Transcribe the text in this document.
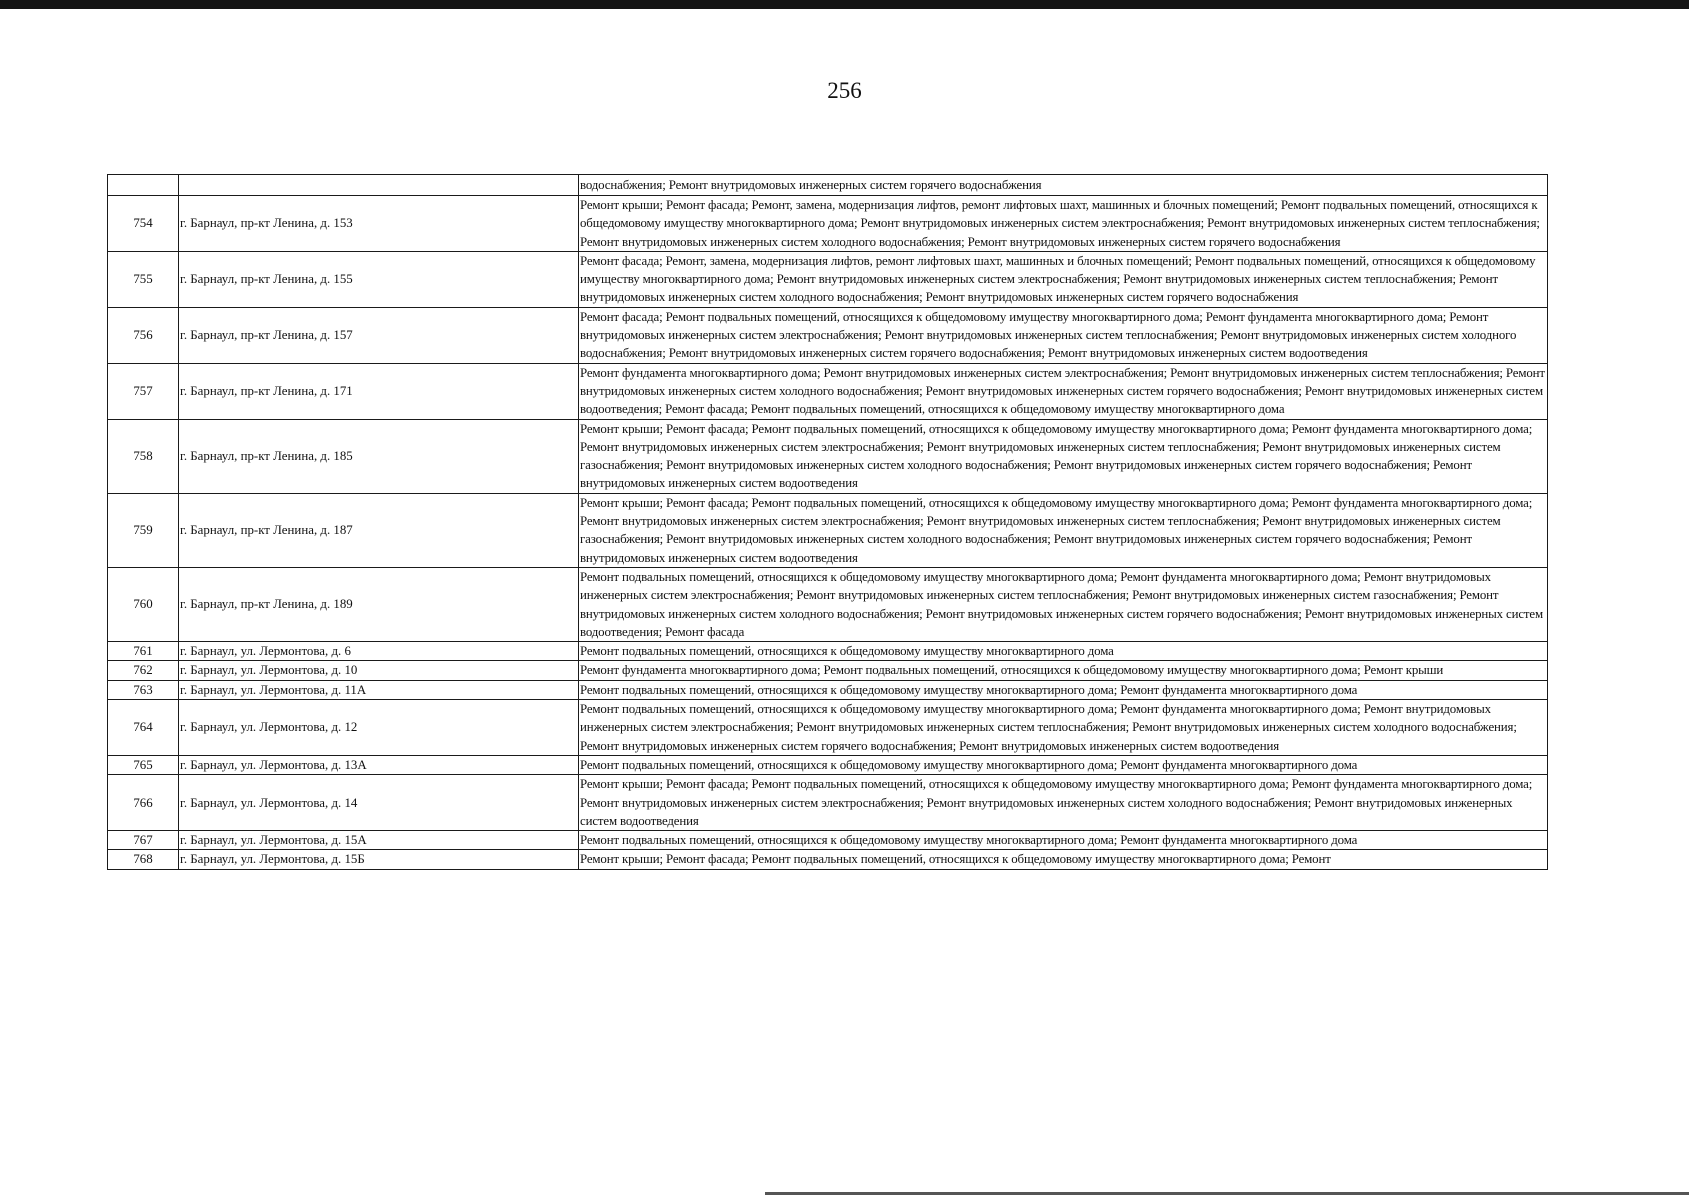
256
		водоснабжения; Ремонт внутридомовых инженерных систем горячего водоснабжения
754	г. Барнаул, пр-кт Ленина, д. 153	Ремонт крыши; Ремонт фасада; Ремонт, замена, модернизация лифтов, ремонт лифтовых шахт, машинных и блочных помещений; Ремонт подвальных помещений, относящихся к общедомовому имуществу многоквартирного дома; Ремонт внутридомовых инженерных систем электроснабжения; Ремонт внутридомовых инженерных систем теплоснабжения; Ремонт внутридомовых инженерных систем холодного водоснабжения; Ремонт внутридомовых инженерных систем горячего водоснабжения
755	г. Барнаул, пр-кт Ленина, д. 155	Ремонт фасада; Ремонт, замена, модернизация лифтов, ремонт лифтовых шахт, машинных и блочных помещений; Ремонт подвальных помещений, относящихся к общедомовому имуществу многоквартирного дома; Ремонт внутридомовых инженерных систем электроснабжения; Ремонт внутридомовых инженерных систем теплоснабжения; Ремонт внутридомовых инженерных систем холодного водоснабжения; Ремонт внутридомовых инженерных систем горячего водоснабжения
756	г. Барнаул, пр-кт Ленина, д. 157	Ремонт фасада; Ремонт подвальных помещений, относящихся к общедомовому имуществу многоквартирного дома; Ремонт фундамента многоквартирного дома; Ремонт внутридомовых инженерных систем электроснабжения; Ремонт внутридомовых инженерных систем теплоснабжения; Ремонт внутридомовых инженерных систем холодного водоснабжения; Ремонт внутридомовых инженерных систем горячего водоснабжения; Ремонт внутридомовых инженерных систем водоотведения
757	г. Барнаул, пр-кт Ленина, д. 171	Ремонт фундамента многоквартирного дома; Ремонт внутридомовых инженерных систем электроснабжения; Ремонт внутридомовых инженерных систем теплоснабжения; Ремонт внутридомовых инженерных систем холодного водоснабжения; Ремонт внутридомовых инженерных систем горячего водоснабжения; Ремонт внутридомовых инженерных систем водоотведения; Ремонт фасада; Ремонт подвальных помещений, относящихся к общедомовому имуществу многоквартирного дома
758	г. Барнаул, пр-кт Ленина, д. 185	Ремонт крыши; Ремонт фасада; Ремонт подвальных помещений, относящихся к общедомовому имуществу многоквартирного дома; Ремонт фундамента многоквартирного дома; Ремонт внутридомовых инженерных систем электроснабжения; Ремонт внутридомовых инженерных систем теплоснабжения; Ремонт внутридомовых инженерных систем газоснабжения; Ремонт внутридомовых инженерных систем холодного водоснабжения; Ремонт внутридомовых инженерных систем горячего водоснабжения; Ремонт внутридомовых инженерных систем водоотведения
759	г. Барнаул, пр-кт Ленина, д. 187	Ремонт крыши; Ремонт фасада; Ремонт подвальных помещений, относящихся к общедомовому имуществу многоквартирного дома; Ремонт фундамента многоквартирного дома; Ремонт внутридомовых инженерных систем электроснабжения; Ремонт внутридомовых инженерных систем теплоснабжения; Ремонт внутридомовых инженерных систем газоснабжения; Ремонт внутридомовых инженерных систем холодного водоснабжения; Ремонт внутридомовых инженерных систем горячего водоснабжения; Ремонт внутридомовых инженерных систем водоотведения
760	г. Барнаул, пр-кт Ленина, д. 189	Ремонт подвальных помещений, относящихся к общедомовому имуществу многоквартирного дома; Ремонт фундамента многоквартирного дома; Ремонт внутридомовых инженерных систем электроснабжения; Ремонт внутридомовых инженерных систем теплоснабжения; Ремонт внутридомовых инженерных систем газоснабжения; Ремонт внутридомовых инженерных систем холодного водоснабжения; Ремонт внутридомовых инженерных систем горячего водоснабжения; Ремонт внутридомовых инженерных систем водоотведения; Ремонт фасада
761	г. Барнаул, ул. Лермонтова, д. 6	Ремонт подвальных помещений, относящихся к общедомовому имуществу многоквартирного дома
762	г. Барнаул, ул. Лермонтова, д. 10	Ремонт фундамента многоквартирного дома; Ремонт подвальных помещений, относящихся к общедомовому имуществу многоквартирного дома; Ремонт крыши
763	г. Барнаул, ул. Лермонтова, д. 11А	Ремонт подвальных помещений, относящихся к общедомовому имуществу многоквартирного дома; Ремонт фундамента многоквартирного дома
764	г. Барнаул, ул. Лермонтова, д. 12	Ремонт подвальных помещений, относящихся к общедомовому имуществу многоквартирного дома; Ремонт фундамента многоквартирного дома; Ремонт внутридомовых инженерных систем электроснабжения; Ремонт внутридомовых инженерных систем теплоснабжения; Ремонт внутридомовых инженерных систем холодного водоснабжения; Ремонт внутридомовых инженерных систем горячего водоснабжения; Ремонт внутридомовых инженерных систем водоотведения
765	г. Барнаул, ул. Лермонтова, д. 13А	Ремонт подвальных помещений, относящихся к общедомовому имуществу многоквартирного дома; Ремонт фундамента многоквартирного дома
766	г. Барнаул, ул. Лермонтова, д. 14	Ремонт крыши; Ремонт фасада; Ремонт подвальных помещений, относящихся к общедомовому имуществу многоквартирного дома; Ремонт фундамента многоквартирного дома; Ремонт внутридомовых инженерных систем электроснабжения; Ремонт внутридомовых инженерных систем холодного водоснабжения; Ремонт внутридомовых инженерных систем водоотведения
767	г. Барнаул, ул. Лермонтова, д. 15А	Ремонт подвальных помещений, относящихся к общедомовому имуществу многоквартирного дома; Ремонт фундамента многоквартирного дома
768	г. Барнаул, ул. Лермонтова, д. 15Б	Ремонт крыши; Ремонт фасада; Ремонт подвальных помещений, относящихся к общедомовому имуществу многоквартирного дома; Ремонт
